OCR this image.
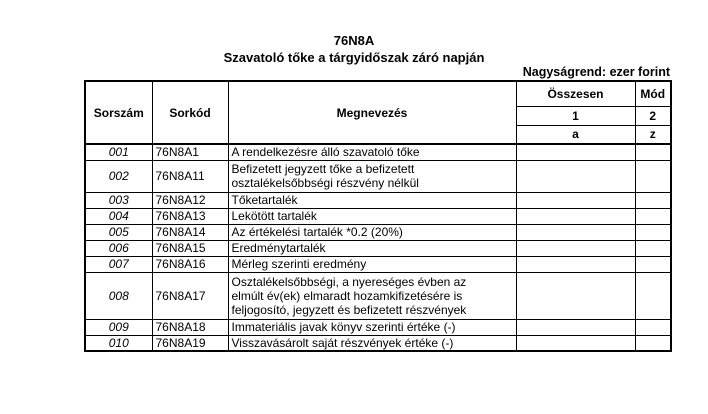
76N8A
Szavatoló tőke a tárgyidőszak záró napján
Nagyságrend: ezer forint
Sorszám	Sorkód	Megnevezés	Összesen	Mód
			1	2
			a	z
001	76N8A1	A rendelkezésre álló szavatoló tőke		

002	76N8A11	Befizetett jegyzett tőke a befizetett
osztalékelsőbbségi részvény nélkül		

003	76N8A12	Tőketartalék		

004	76N8A13	Lekötött tartalék		

005	76N8A14	Az értékelési tartalék *0.2 (20%)		

006	76N8A15	Eredménytartalék		

007	76N8A16	Mérleg szerinti eredmény		

008	76N8A17	Osztalékelsőbbségi, a nyereséges évben az
elmúlt év(ek) elmaradt hozamkifizetésére is
feljogosító, jegyzett és befizetett részvények		

009	76N8A18	Immateriális javak könyv szerinti értéke (-)		

010	76N8A19	Visszavásárolt saját részvények értéke (-)		
